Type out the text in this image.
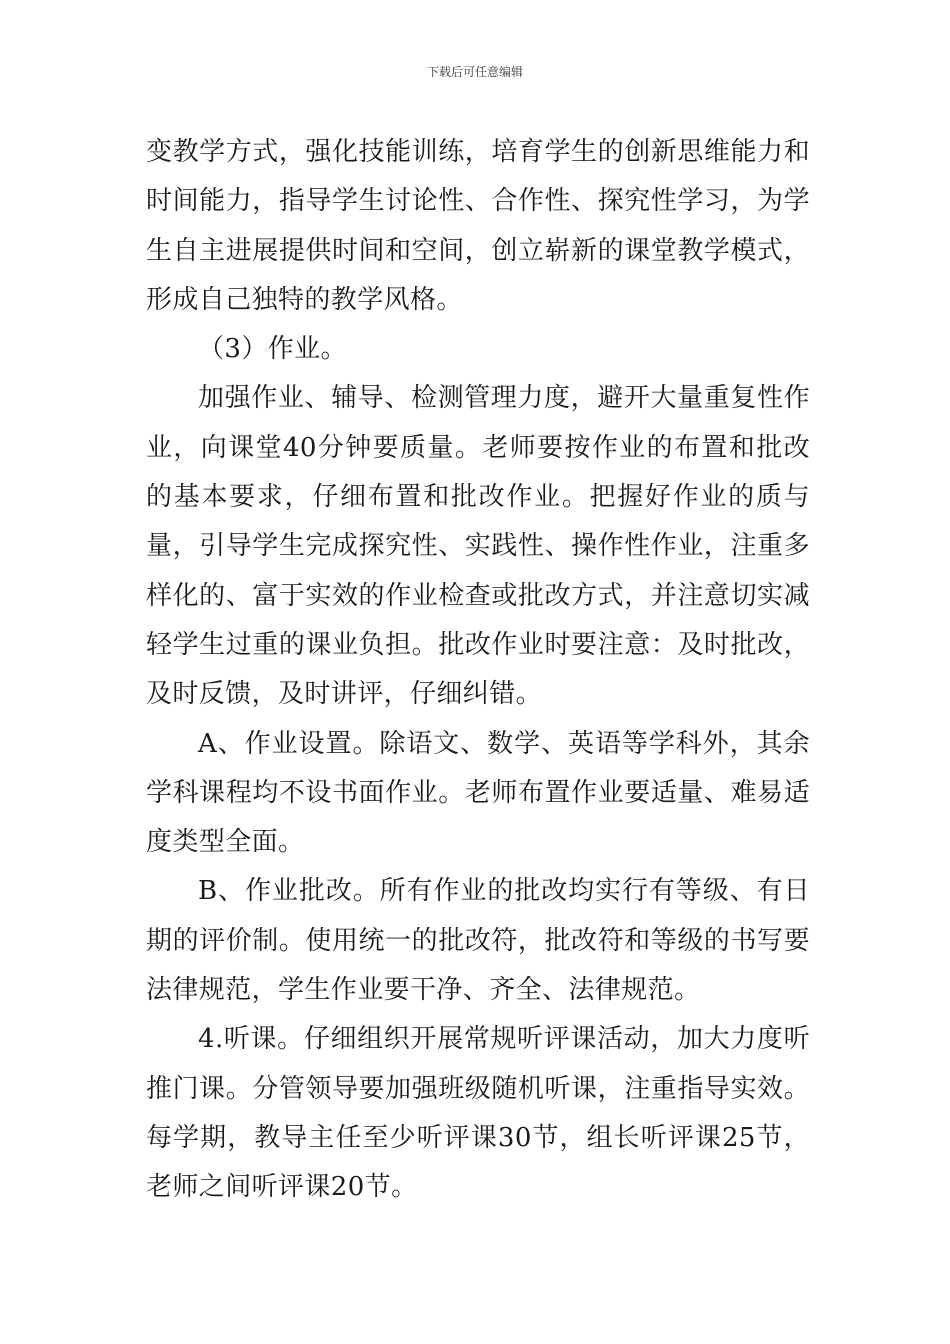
下载后可任意编辑

变教学方式，强化技能训练，培育学生的创新思维能力和时间能力，指导学生讨论性、合作性、探究性学习，为学生自主进展提供时间和空间，创立崭新的课堂教学模式，形成自己独特的教学风格。

（3）作业。

加强作业、辅导、检测管理力度，避开大量重复性作业，向课堂40分钟要质量。老师要按作业的布置和批改的基本要求，仔细布置和批改作业。把握好作业的质与量，引导学生完成探究性、实践性、操作性作业，注重多样化的、富于实效的作业检查或批改方式，并注意切实减轻学生过重的课业负担。批改作业时要注意：及时批改，及时反馈，及时讲评，仔细纠错。

A、作业设置。除语文、数学、英语等学科外，其余学科课程均不设书面作业。老师布置作业要适量、难易适度类型全面。

B、作业批改。所有作业的批改均实行有等级、有日期的评价制。使用统一的批改符，批改符和等级的书写要法律规范，学生作业要干净、齐全、法律规范。

4.听课。仔细组织开展常规听评课活动，加大力度听推门课。分管领导要加强班级随机听课，注重指导实效。每学期，教导主任至少听评课30节，组长听评课25节，老师之间听评课20节。
